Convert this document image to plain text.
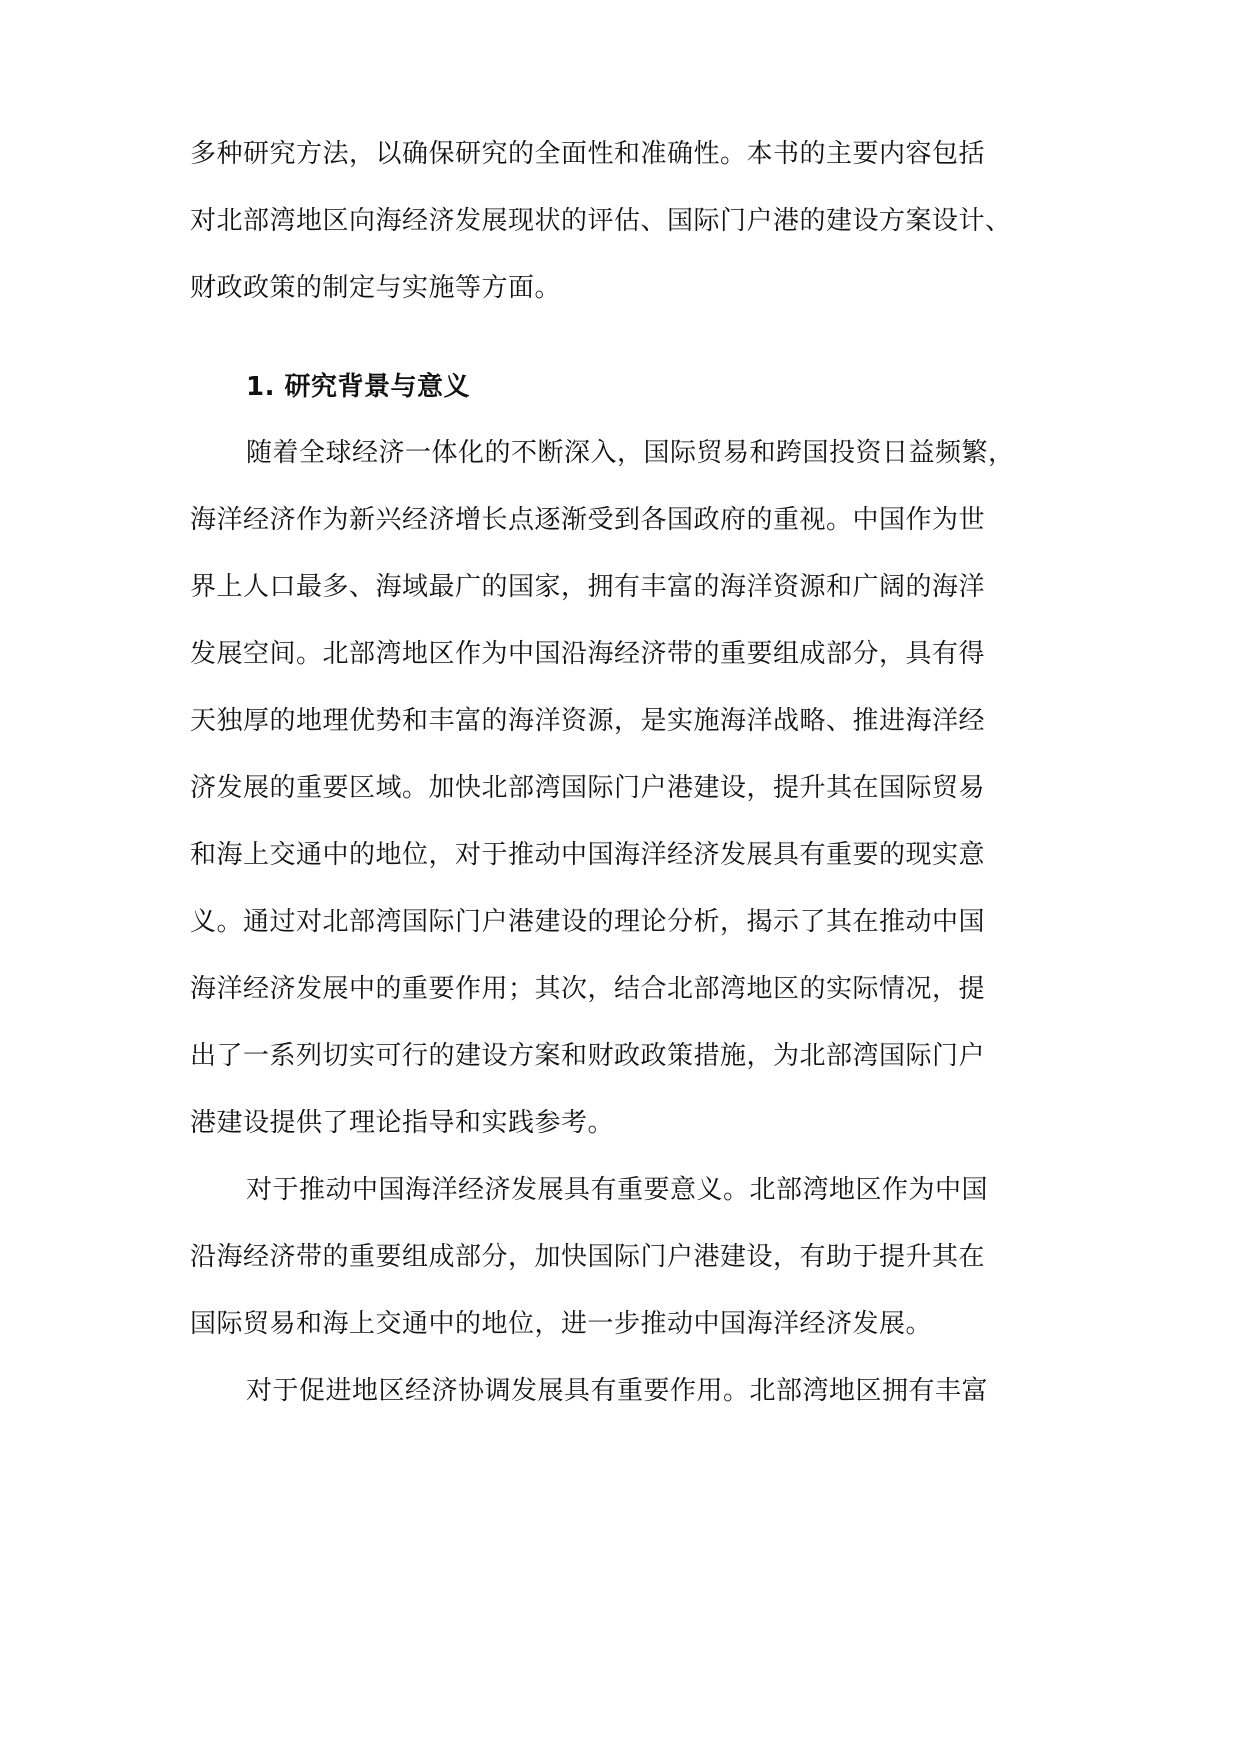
多种研究方法，以确保研究的全面性和准确性。本书的主要内容包括
对北部湾地区向海经济发展现状的评估、国际门户港的建设方案设计、
财政政策的制定与实施等方面。
1. 研究背景与意义
随着全球经济一体化的不断深入，国际贸易和跨国投资日益频繁，
海洋经济作为新兴经济增长点逐渐受到各国政府的重视。中国作为世
界上人口最多、海域最广的国家，拥有丰富的海洋资源和广阔的海洋
发展空间。北部湾地区作为中国沿海经济带的重要组成部分，具有得
天独厚的地理优势和丰富的海洋资源，是实施海洋战略、推进海洋经
济发展的重要区域。加快北部湾国际门户港建设，提升其在国际贸易
和海上交通中的地位，对于推动中国海洋经济发展具有重要的现实意
义。通过对北部湾国际门户港建设的理论分析，揭示了其在推动中国
海洋经济发展中的重要作用；其次，结合北部湾地区的实际情况，提
出了一系列切实可行的建设方案和财政政策措施，为北部湾国际门户
港建设提供了理论指导和实践参考。
对于推动中国海洋经济发展具有重要意义。北部湾地区作为中国
沿海经济带的重要组成部分，加快国际门户港建设，有助于提升其在
国际贸易和海上交通中的地位，进一步推动中国海洋经济发展。
对于促进地区经济协调发展具有重要作用。北部湾地区拥有丰富
